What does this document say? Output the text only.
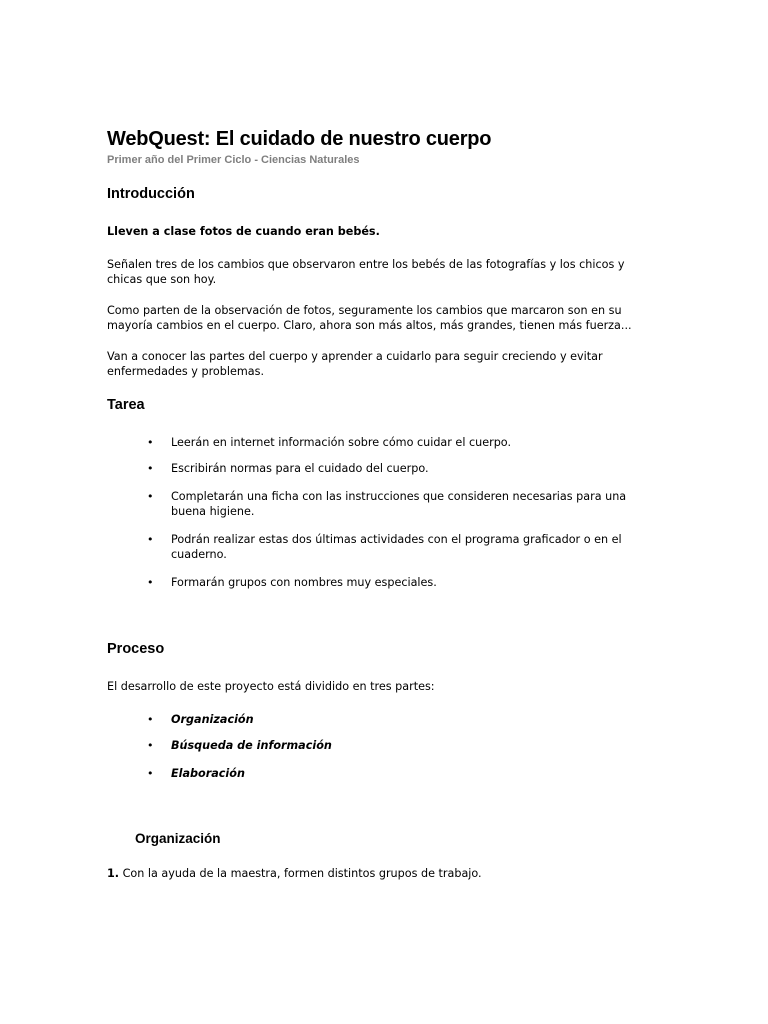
WebQuest: El cuidado de nuestro cuerpo
Primer año del Primer Ciclo - Ciencias Naturales
Introducción

Lleven a clase fotos de cuando eran bebés.

Señalen tres de los cambios que observaron entre los bebés de las fotografías y los chicos y chicas que son hoy.

Como parten de la observación de fotos, seguramente los cambios que marcaron son en su mayoría cambios en el cuerpo. Claro, ahora son más altos, más grandes, tienen más fuerza...

Van a conocer las partes del cuerpo y aprender a cuidarlo para seguir creciendo y evitar enfermedades y problemas.

Tarea
•	Leerán en internet información sobre cómo cuidar el cuerpo.

•	Escribirán normas para el cuidado del cuerpo.

•	Completarán una ficha con las instrucciones que consideren necesarias para una buena higiene.

•	Podrán realizar estas dos últimas actividades con el programa graficador o en el cuaderno.

•	Formarán grupos con nombres muy especiales.

Proceso

El desarrollo de este proyecto está dividido en tres partes:

•	Organización

•	Búsqueda de información

•	Elaboración

Organización

1. Con la ayuda de la maestra, formen distintos grupos de trabajo.
